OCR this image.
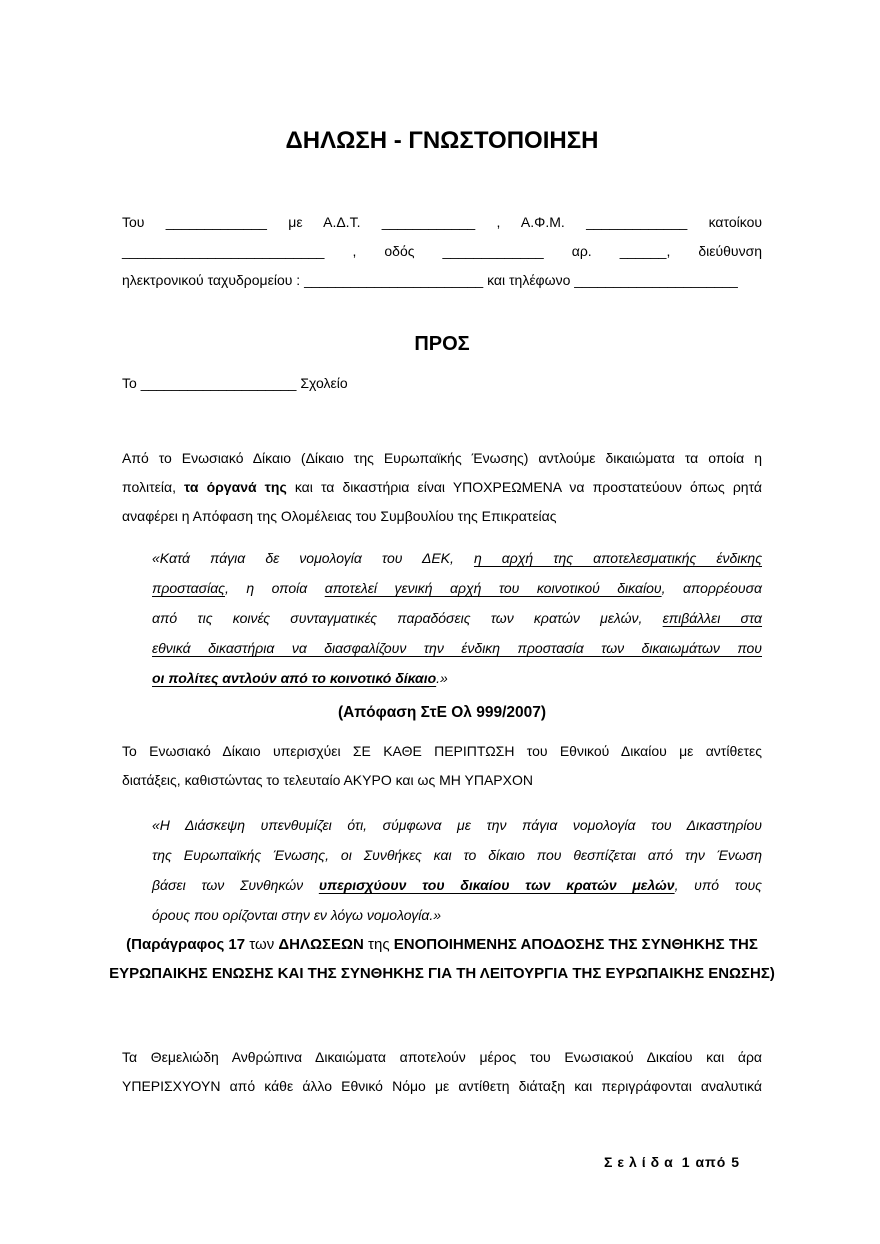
ΔΗΛΩΣΗ - ΓΝΩΣΤΟΠΟΙΗΣΗ
Του _____________ με Α.Δ.Τ. ____________ , Α.Φ.Μ. _____________ κατοίκου
__________________________ , οδός _____________ αρ. ______, διεύθυνση
ηλεκτρονικού ταχυδρομείου : _______________________ και τηλέφωνο _____________________
ΠΡΟΣ
Το ____________________ Σχολείο
Από το Ενωσιακό Δίκαιο (Δίκαιο της Ευρωπαϊκής Ένωσης) αντλούμε δικαιώματα τα οποία η
πολιτεία, τα όργανά της και τα δικαστήρια είναι ΥΠΟΧΡΕΩΜΕΝΑ να προστατεύουν όπως ρητά
αναφέρει η Απόφαση της Ολομέλειας του Συμβουλίου της Επικρατείας
«Κατά πάγια δε νομολογία του ΔΕΚ, η αρχή της αποτελεσματικής ένδικης
προστασίας, η οποία αποτελεί γενική αρχή του κοινοτικού δικαίου, απορρέουσα
από τις κοινές συνταγματικές παραδόσεις των κρατών μελών, επιβάλλει στα
εθνικά δικαστήρια να διασφαλίζουν την ένδικη προστασία των δικαιωμάτων που
οι πολίτες αντλούν από το κοινοτικό δίκαιο.»
(Απόφαση ΣτΕ Ολ 999/2007)
Το Ενωσιακό Δίκαιο υπερισχύει ΣΕ ΚΑΘΕ ΠΕΡΙΠΤΩΣΗ του Εθνικού Δικαίου με αντίθετες
διατάξεις, καθιστώντας το τελευταίο ΑΚΥΡΟ και ως ΜΗ ΥΠΑΡΧΟΝ
«Η Διάσκεψη υπενθυμίζει ότι, σύμφωνα με την πάγια νομολογία του Δικαστηρίου
της Ευρωπαϊκής Ένωσης, οι Συνθήκες και το δίκαιο που θεσπίζεται από την Ένωση
βάσει των Συνθηκών υπερισχύουν του δικαίου των κρατών μελών, υπό τους
όρους που ορίζονται στην εν λόγω νομολογία.»
(Παράγραφος 17 των ΔΗΛΩΣΕΩΝ της ΕΝΟΠΟΙΗΜΕΝΗΣ ΑΠΟΔΟΣΗΣ ΤΗΣ ΣΥΝΘΗΚΗΣ ΤΗΣ
ΕΥΡΩΠΑΙΚΗΣ ΕΝΩΣΗΣ ΚΑΙ ΤΗΣ ΣΥΝΘΗΚΗΣ ΓΙΑ ΤΗ ΛΕΙΤΟΥΡΓΙΑ ΤΗΣ ΕΥΡΩΠΑΙΚΗΣ ΕΝΩΣΗΣ)
Τα Θεμελιώδη Ανθρώπινα Δικαιώματα αποτελούν μέρος του Ενωσιακού Δικαίου και άρα
ΥΠΕΡΙΣΧΥΟΥΝ από κάθε άλλο Εθνικό Νόμο με αντίθετη διάταξη και περιγράφονται αναλυτικά
Σελίδα 1 από 5
